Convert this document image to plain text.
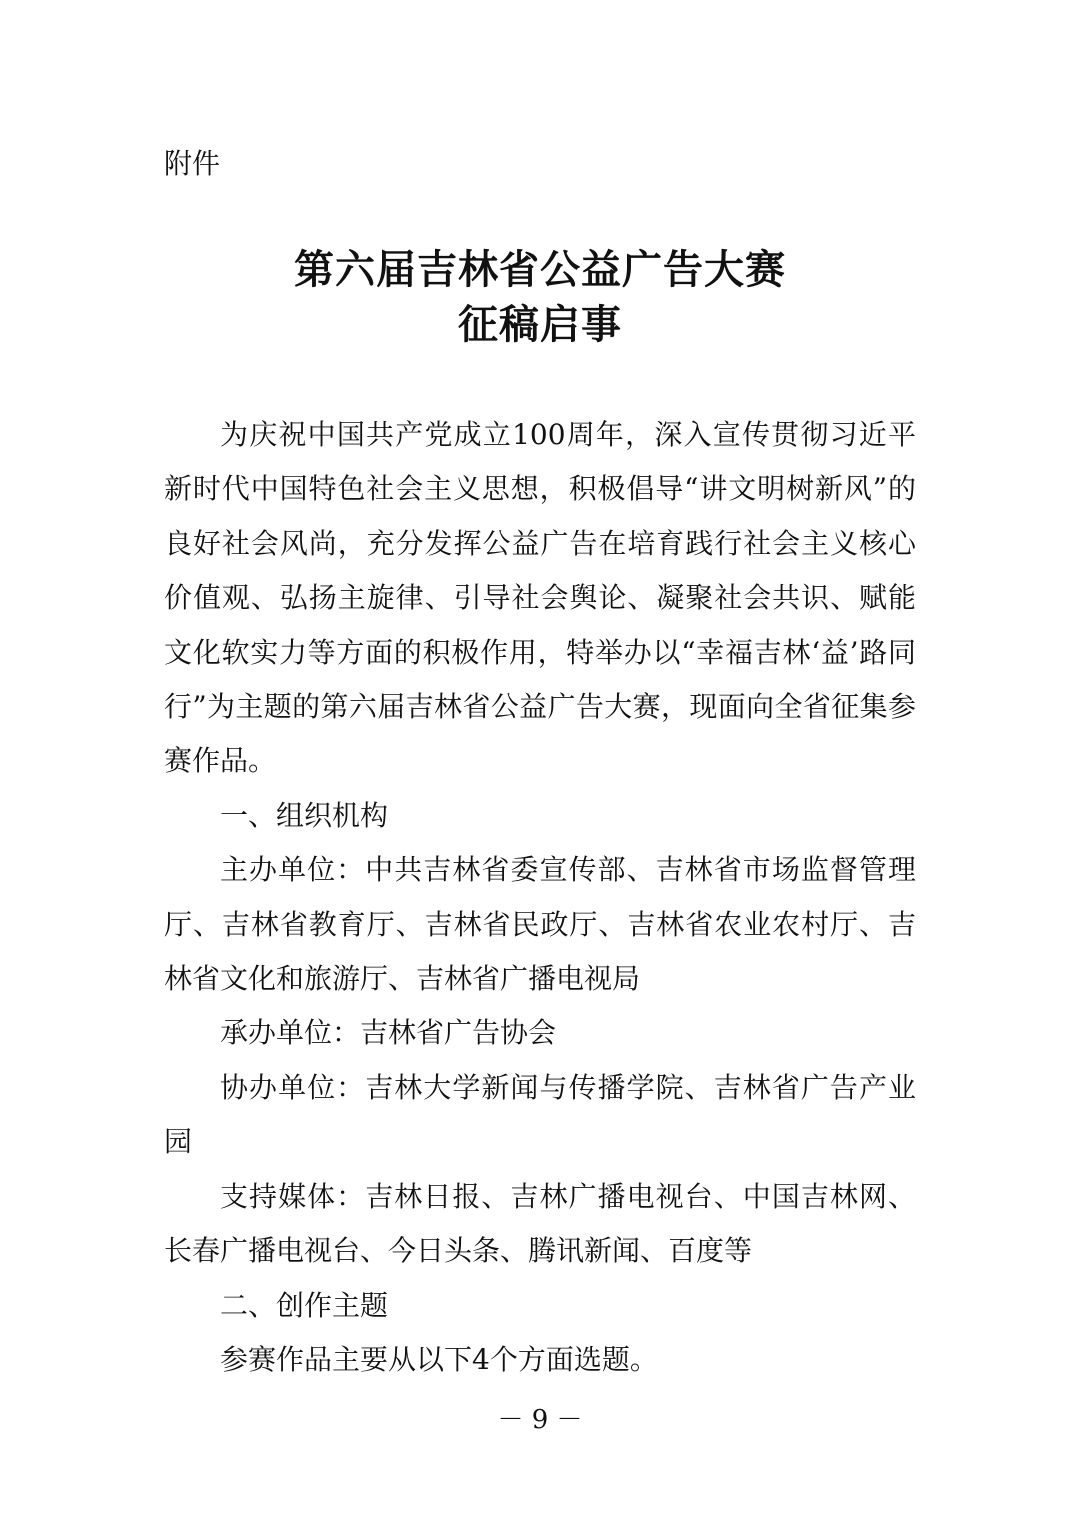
附件

第六届吉林省公益广告大赛
征稿启事

为庆祝中国共产党成立100周年，深入宣传贯彻习近平新时代中国特色社会主义思想，积极倡导“讲文明树新风”的良好社会风尚，充分发挥公益广告在培育践行社会主义核心价值观、弘扬主旋律、引导社会舆论、凝聚社会共识、赋能文化软实力等方面的积极作用，特举办以“幸福吉林‘益’路同行”为主题的第六届吉林省公益广告大赛，现面向全省征集参赛作品。

一、组织机构

主办单位：中共吉林省委宣传部、吉林省市场监督管理厅、吉林省教育厅、吉林省民政厅、吉林省农业农村厅、吉林省文化和旅游厅、吉林省广播电视局

承办单位：吉林省广告协会

协办单位：吉林大学新闻与传播学院、吉林省广告产业园

支持媒体：吉林日报、吉林广播电视台、中国吉林网、长春广播电视台、今日头条、腾讯新闻、百度等

二、创作主题

参赛作品主要从以下4个方面选题。

－ 9 －
